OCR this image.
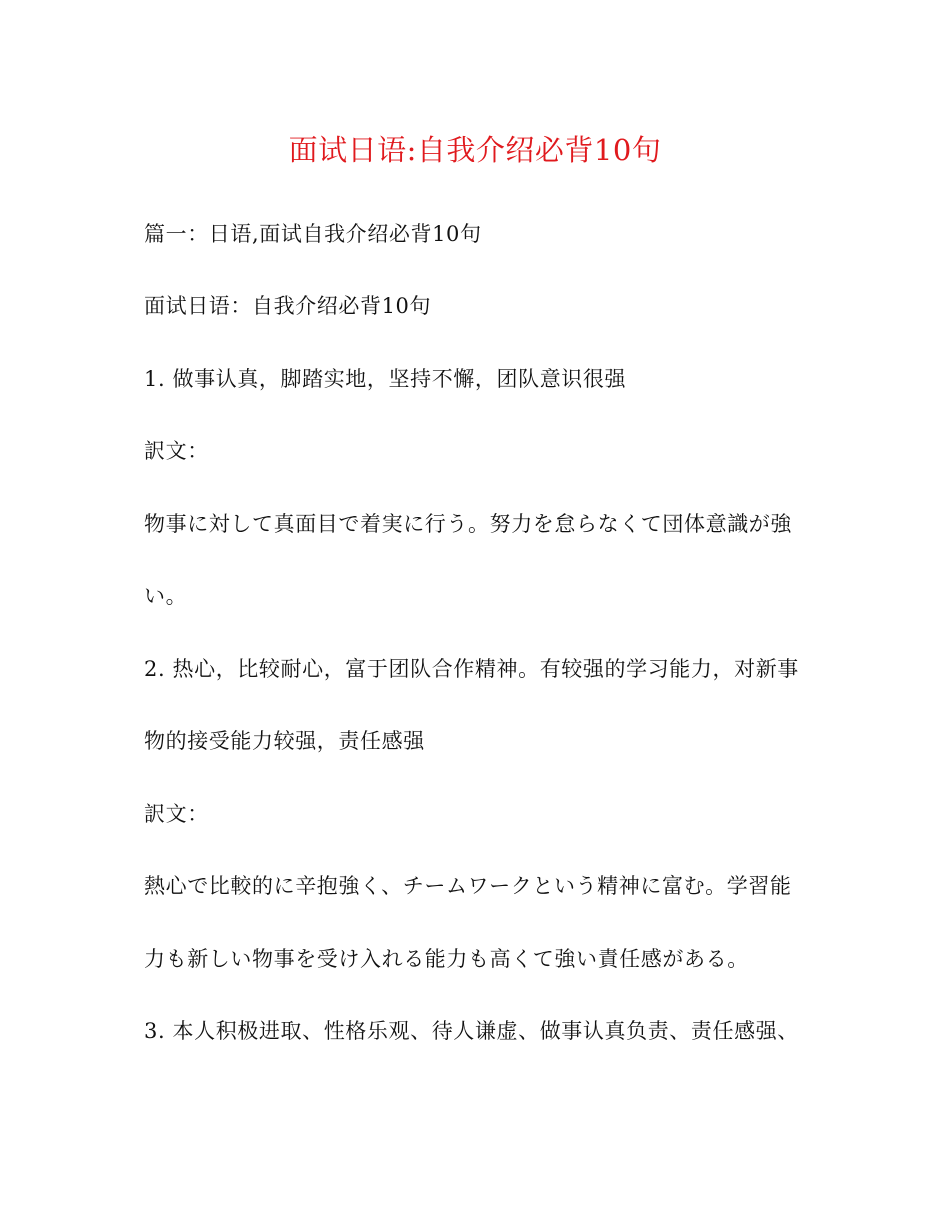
面试日语:自我介绍必背10句

篇一：日语,面试自我介绍必背10句

面试日语：自我介绍必背10句

1. 做事认真，脚踏实地，坚持不懈，团队意识很强

訳文：

物事に対して真面目で着実に行う。努力を怠らなくて団体意識が強

い。

2. 热心，比较耐心，富于团队合作精神。有较强的学习能力，对新事

物的接受能力较强，责任感强

訳文：

熱心で比較的に辛抱強く、チームワークという精神に富む。学習能

力も新しい物事を受け入れる能力も高くて強い責任感がある。

3. 本人积极进取、性格乐观、待人谦虚、做事认真负责、责任感强、
